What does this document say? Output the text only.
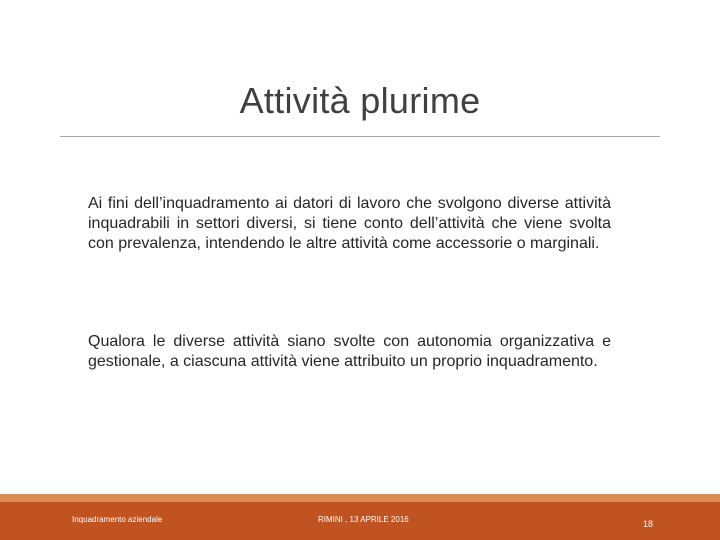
Attività plurime
Ai fini dell’inquadramento ai datori di lavoro che svolgono diverse attività inquadrabili in settori diversi, si tiene conto dell’attività che viene svolta con prevalenza, intendendo le altre attività come accessorie o marginali.
Qualora le diverse attività siano svolte con autonomia organizzativa e gestionale, a ciascuna attività viene attribuito un proprio inquadramento.
Inquadramento aziendale	RIMINI , 13 APRILE 2016	18
